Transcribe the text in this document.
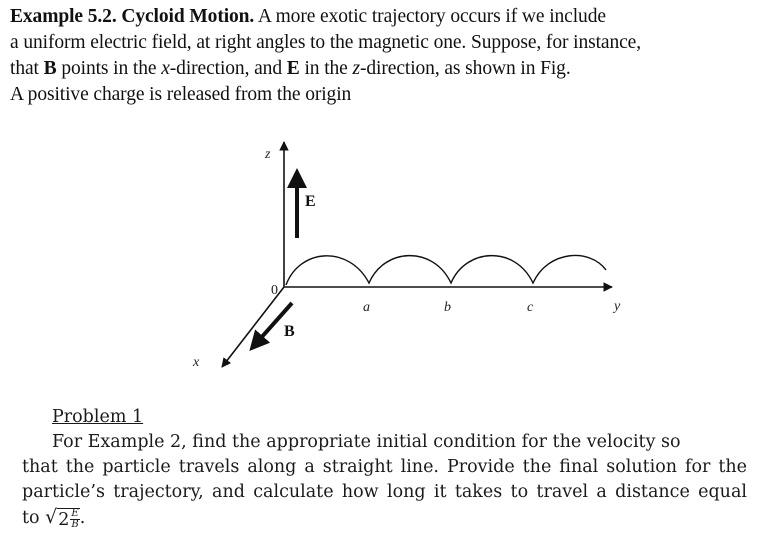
Example 5.2. Cycloid Motion. A more exotic trajectory occurs if we include
a uniform electric field, at right angles to the magnetic one. Suppose, for instance,
that B points in the x-direction, and E in the z-direction, as shown in Fig.
A positive charge is released from the origin
z
E
y
0
x
B
a	b	c
Problem 1
For Example 2, find the appropriate initial condition for the velocity so
that the particle travels along a straight line. Provide the final solution for the
particle’s trajectory, and calculate how long it takes to travel a distance equal
to √ $2 \frac{E}{B}$ .
